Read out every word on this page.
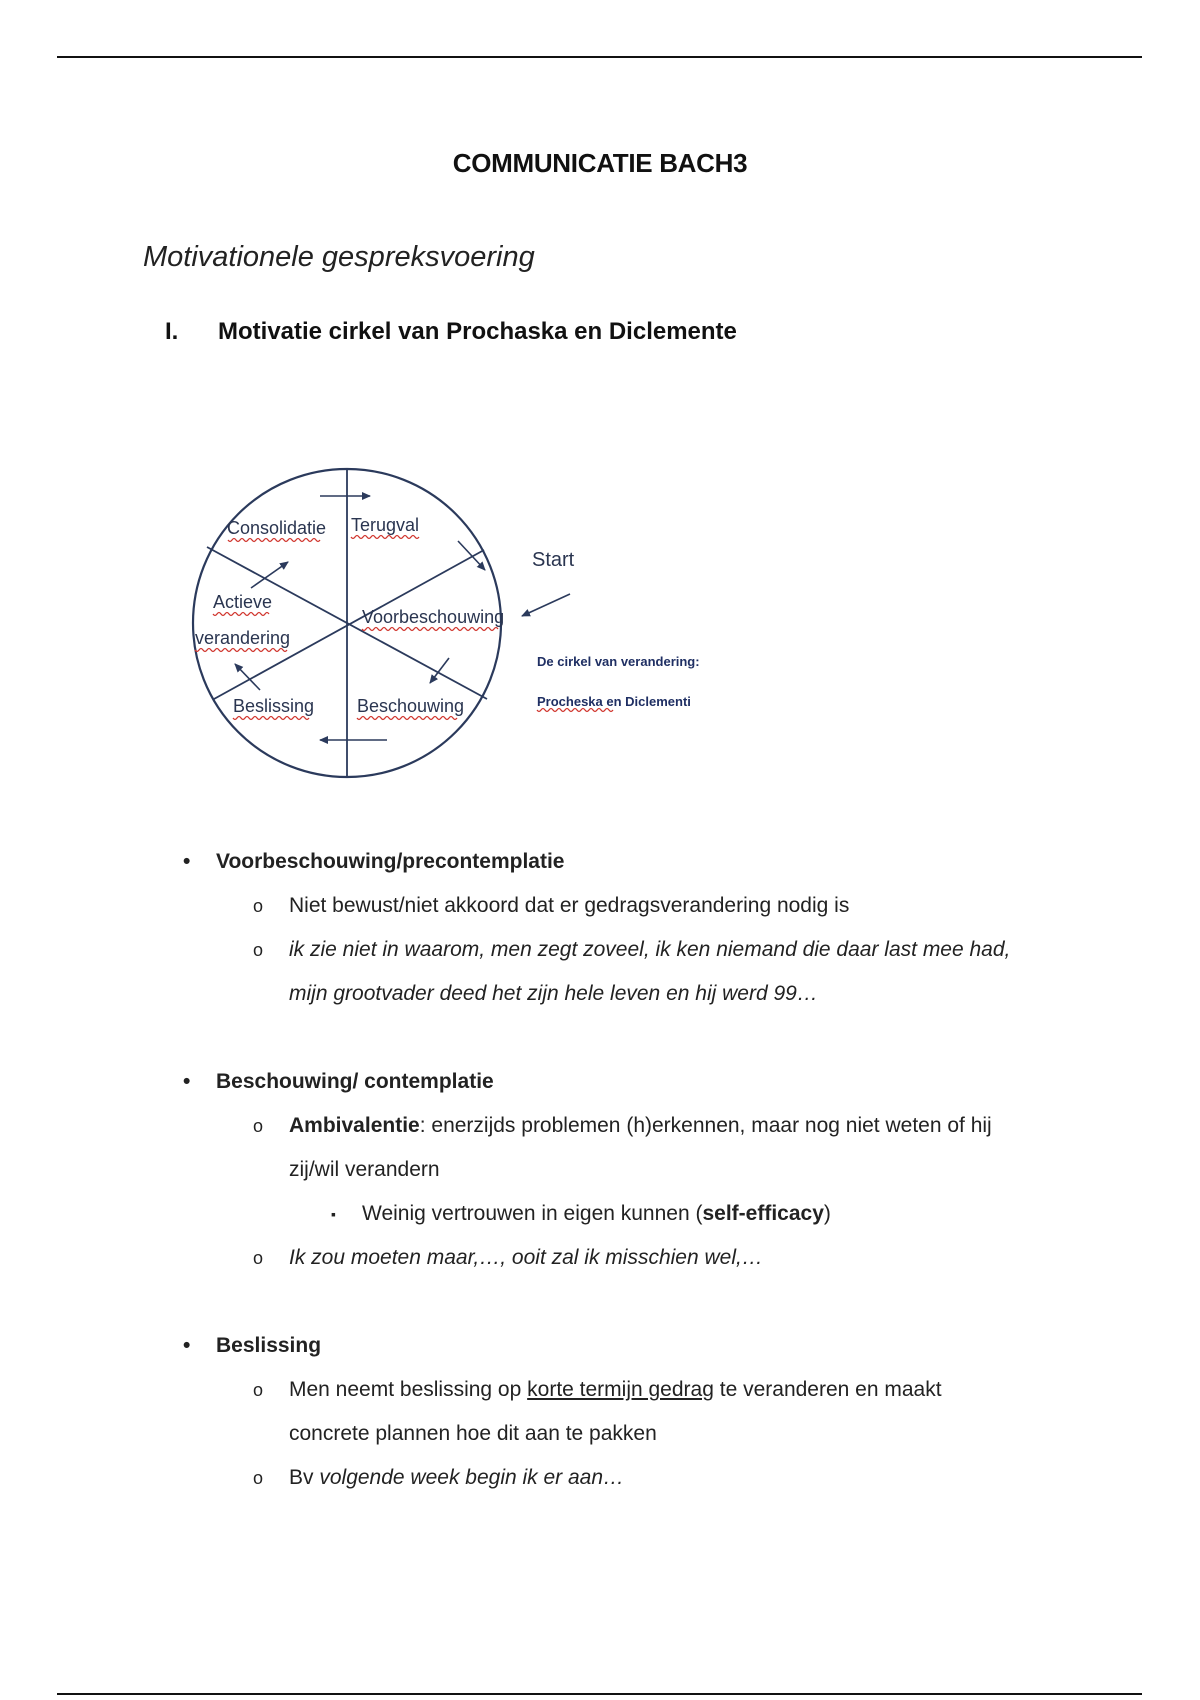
COMMUNICATIE BACH3
Motivationele gespreksvoering
I. Motivatie cirkel van Prochaska en Diclemente
Consolidatie Terugval
Actieve
verandering
Voorbeschouwing
Beslissing Beschouwing
Start
De cirkel van verandering:
Procheska en Diclementi
• Voorbeschouwing/precontemplatie
o Niet bewust/niet akkoord dat er gedragsverandering nodig is
o ik zie niet in waarom, men zegt zoveel, ik ken niemand die daar last mee had,
mijn grootvader deed het zijn hele leven en hij werd 99…
• Beschouwing/ contemplatie
o Ambivalentie: enerzijds problemen (h)erkennen, maar nog niet weten of hij
zij/wil verandern
▪ Weinig vertrouwen in eigen kunnen (self-efficacy)
o Ik zou moeten maar,…, ooit zal ik misschien wel,…
• Beslissing
o Men neemt beslissing op korte termijn gedrag te veranderen en maakt
concrete plannen hoe dit aan te pakken
o Bv volgende week begin ik er aan…
